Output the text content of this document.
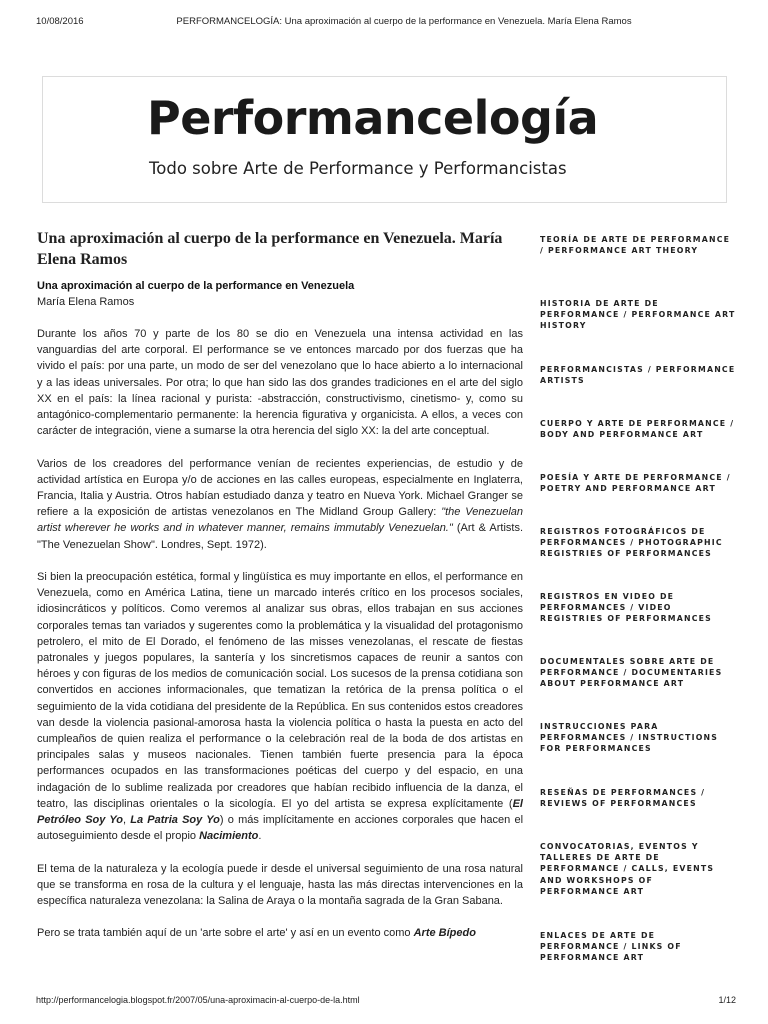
10/08/2016	PERFORMANCELOGÍA: Una aproximación al cuerpo de la performance en Venezuela. María Elena Ramos
Performancelogía
Todo sobre Arte de Performance y Performancistas
Una aproximación al cuerpo de la performance en Venezuela. María Elena Ramos
Una aproximación al cuerpo de la performance en Venezuela
María Elena Ramos

Durante los años 70 y parte de los 80 se dio en Venezuela una intensa actividad en las vanguardias del arte corporal. El performance se ve entonces marcado por dos fuerzas que ha vivido el país: por una parte, un modo de ser del venezolano que lo hace abierto a lo internacional y a las ideas universales. Por otra; lo que han sido las dos grandes tradiciones en el arte del siglo XX en el país: la línea racional y purista: -abstracción, constructivismo, cinetismo- y, como su antagónico-complementario permanente: la herencia figurativa y organicista. A ellos, a veces con carácter de integración, viene a sumarse la otra herencia del siglo XX: la del arte conceptual.

Varios de los creadores del performance venían de recientes experiencias, de estudio y de actividad artística en Europa y/o de acciones en las calles europeas, especialmente en Inglaterra, Francia, Italia y Austria. Otros habían estudiado danza y teatro en Nueva York. Michael Granger se refiere a la exposición de artistas venezolanos en The Midland Group Gallery: "the Venezuelan artist wherever he works and in whatever manner, remains immutably Venezuelan." (Art & Artists. "The Venezuelan Show". Londres, Sept. 1972).

Si bien la preocupación estética, formal y lingüística es muy importante en ellos, el performance en Venezuela, como en América Latina, tiene un marcado interés crítico en los procesos sociales, idiosincráticos y políticos. Como veremos al analizar sus obras, ellos trabajan en sus acciones corporales temas tan variados y sugerentes como la problemática y la visualidad del protagonismo petrolero, el mito de El Dorado, el fenómeno de las misses venezolanas, el rescate de fiestas patronales y juegos populares, la santería y los sincretismos capaces de reunir a santos con héroes y con figuras de los medios de comunicación social. Los sucesos de la prensa cotidiana son convertidos en acciones informacionales, que tematizan la retórica de la prensa política o el seguimiento de la vida cotidiana del presidente de la República. En sus contenidos estos creadores van desde la violencia pasional-amorosa hasta la violencia política o hasta la puesta en acto del cumpleaños de quien realiza el performance o la celebración real de la boda de dos artistas en principales salas y museos nacionales. Tienen también fuerte presencia para la época performances ocupados en las transformaciones poéticas del cuerpo y del espacio, en una indagación de lo sublime realizada por creadores que habían recibido influencia de la danza, el teatro, las disciplinas orientales o la sicología. El yo del artista se expresa explícitamente (El Petróleo Soy Yo, La Patria Soy Yo) o más implícitamente en acciones corporales que hacen el autoseguimiento desde el propio Nacimiento.

El tema de la naturaleza y la ecología puede ir desde el universal seguimiento de una rosa natural que se transforma en rosa de la cultura y el lenguaje, hasta las más directas intervenciones en la específica naturaleza venezolana: la Salina de Araya o la montaña sagrada de la Gran Sabana.

Pero se trata también aquí de un 'arte sobre el arte' y así en un evento como Arte Bípedo

TEORÍA DE ARTE DE PERFORMANCE / PERFORMANCE ART THEORY
HISTORIA DE ARTE DE PERFORMANCE / PERFORMANCE ART HISTORY
PERFORMANCISTAS / PERFORMANCE ARTISTS
CUERPO Y ARTE DE PERFORMANCE / BODY AND PERFORMANCE ART
POESÍA Y ARTE DE PERFORMANCE / POETRY AND PERFORMANCE ART
REGISTROS FOTOGRÁFICOS DE PERFORMANCES / PHOTOGRAPHIC REGISTRIES OF PERFORMANCES
REGISTROS EN VIDEO DE PERFORMANCES / VIDEO REGISTRIES OF PERFORMANCES
DOCUMENTALES SOBRE ARTE DE PERFORMANCE / DOCUMENTARIES ABOUT PERFORMANCE ART
INSTRUCCIONES PARA PERFORMANCES / INSTRUCTIONS FOR PERFORMANCES
RESEÑAS DE PERFORMANCES / REVIEWS OF PERFORMANCES
CONVOCATORIAS, EVENTOS Y TALLERES DE ARTE DE PERFORMANCE / CALLS, EVENTS AND WORKSHOPS OF PERFORMANCE ART
ENLACES DE ARTE DE PERFORMANCE / LINKS OF PERFORMANCE ART
http://performancelogia.blogspot.fr/2007/05/una-aproximacin-al-cuerpo-de-la.html	1/12
